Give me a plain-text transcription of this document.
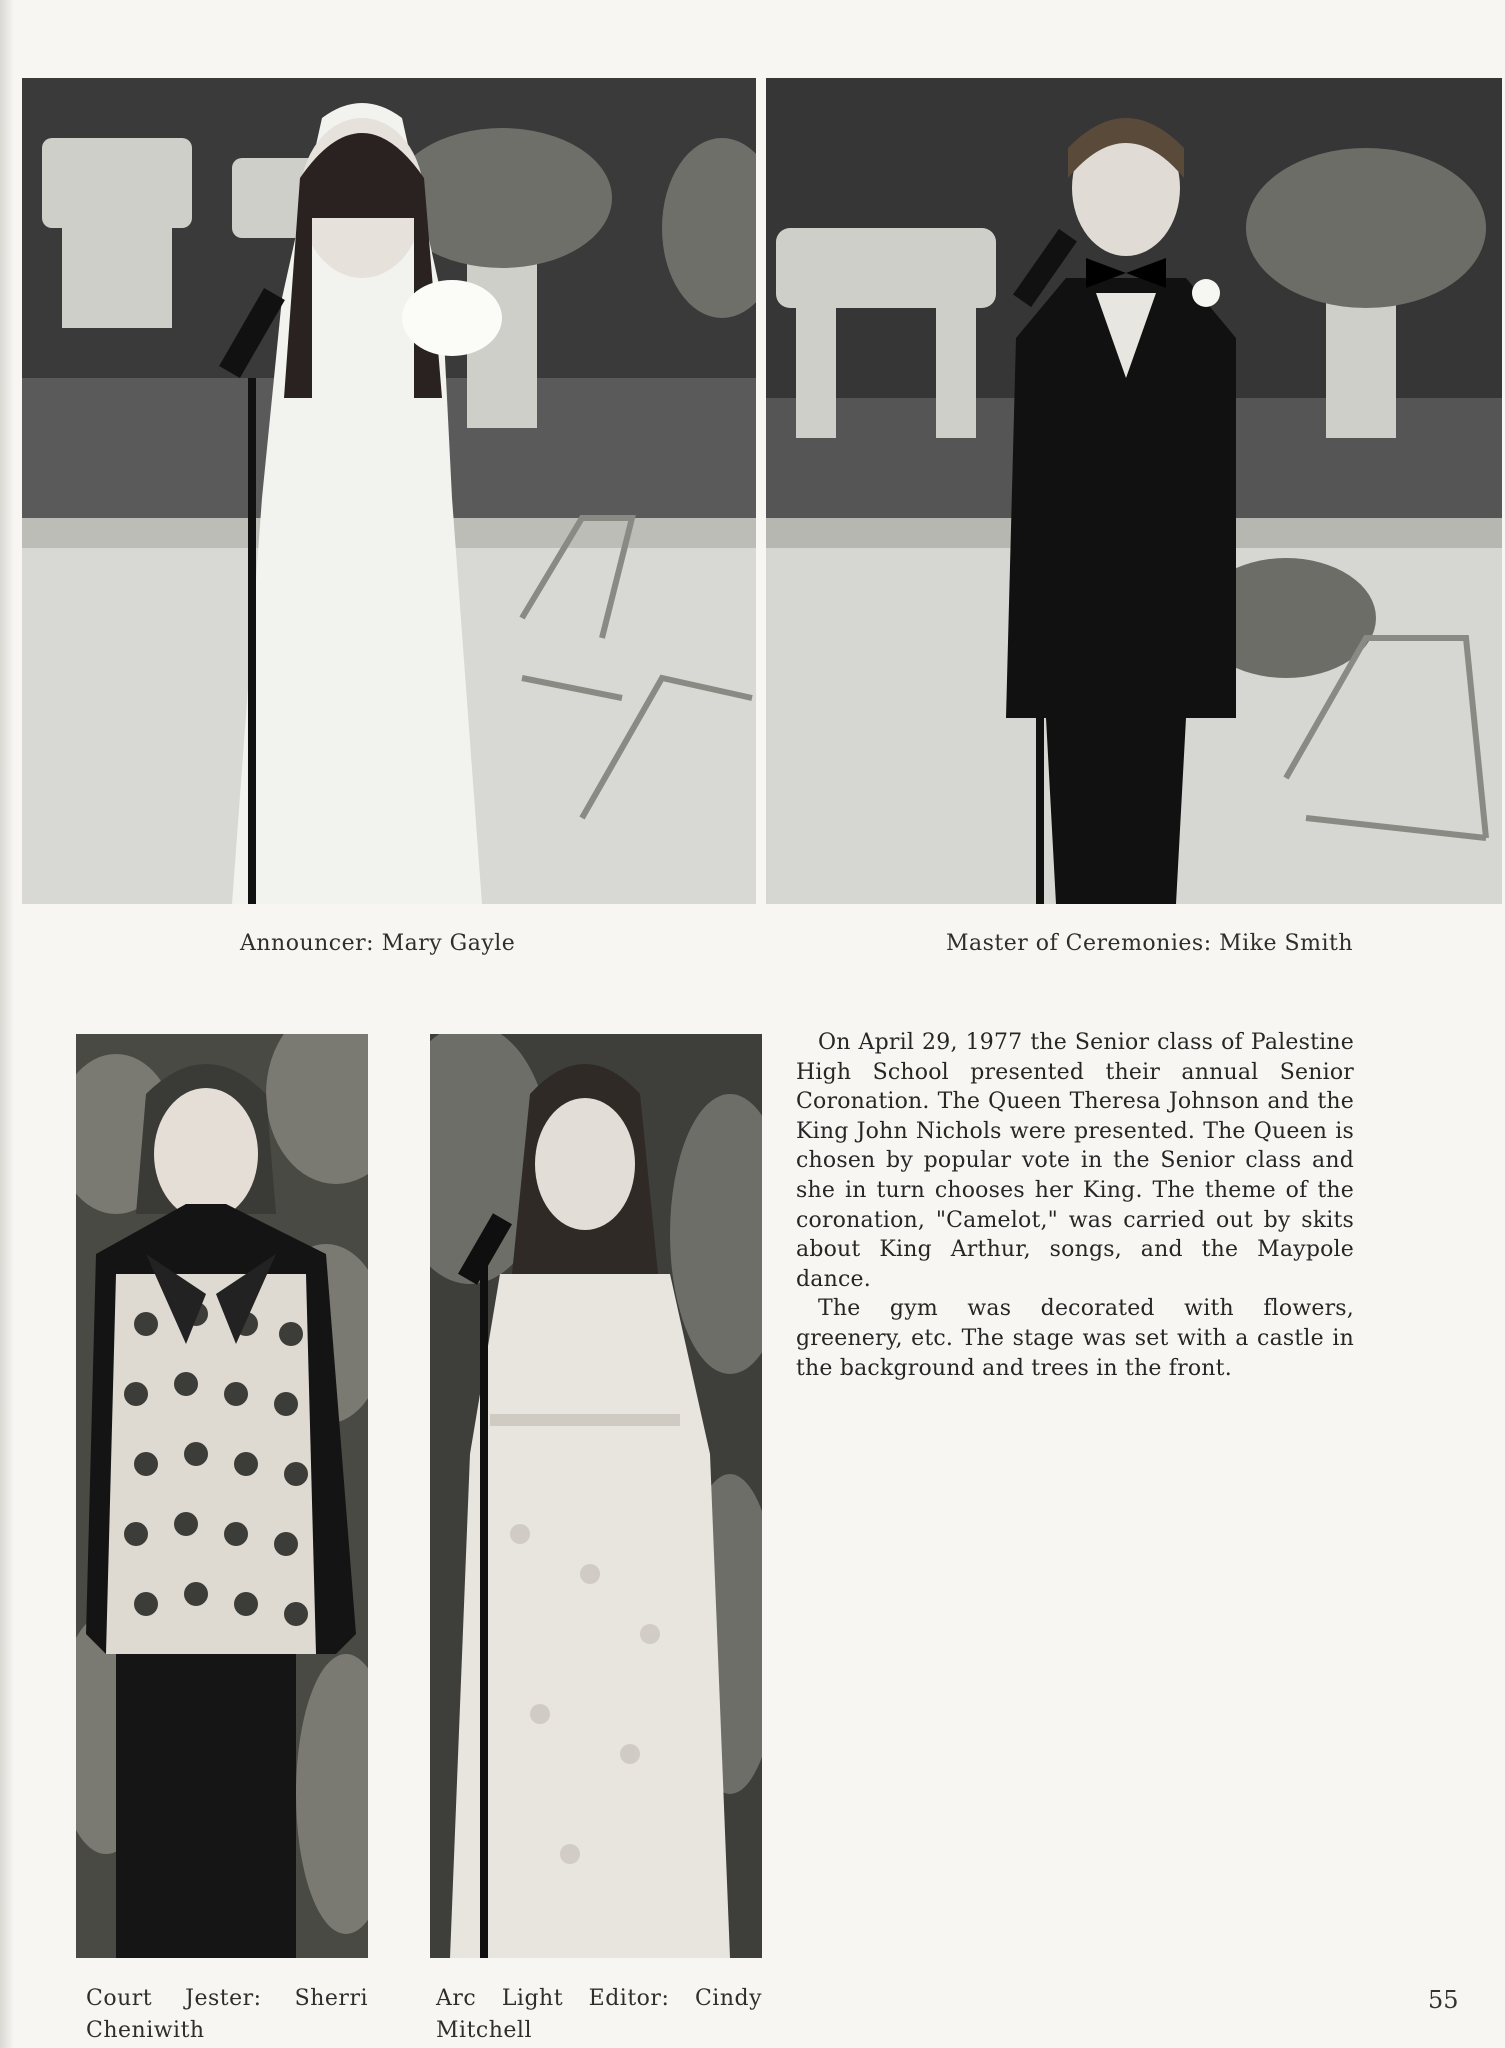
Announcer: Mary Gayle	Master of Ceremonies: Mike Smith
Court Jester: Sherri
Cheniwith
Arc Light Editor: Cindy
Mitchell

On April 29, 1977 the Senior class of Palestine High School presented their annual Senior Coronation. The Queen Theresa Johnson and the King John Nichols were presented. The Queen is chosen by popular vote in the Senior class and she in turn chooses her King. The theme of the coronation, "Camelot," was carried out by skits about King Arthur, songs, and the Maypole dance.

The gym was decorated with flowers, greenery, etc. The stage was set with a castle in the background and trees in the front.

55
